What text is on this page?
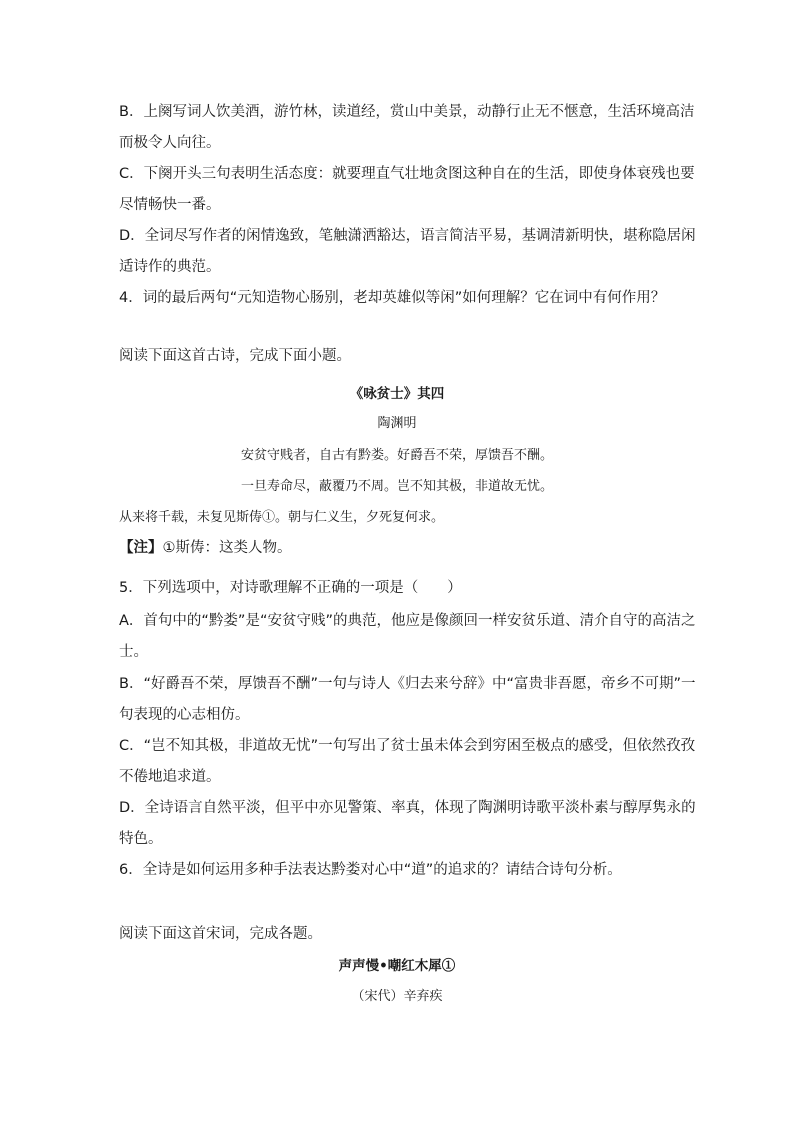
B．上阕写词人饮美酒，游竹林，读道经，赏山中美景，动静行止无不惬意，生活环境高洁
而极令人向往。
C．下阕开头三句表明生活态度：就要理直气壮地贪图这种自在的生活，即使身体衰残也要
尽情畅快一番。
D．全词尽写作者的闲情逸致，笔触潇洒豁达，语言简洁平易，基调清新明快，堪称隐居闲
适诗作的典范。
4．词的最后两句“元知造物心肠别，老却英雄似等闲”如何理解？它在词中有何作用？
阅读下面这首古诗，完成下面小题。
《咏贫士》其四
陶渊明
安贫守贱者，自古有黔娄。好爵吾不荣，厚馈吾不酬。
一旦寿命尽，蔽覆乃不周。岂不知其极，非道故无忧。
从来将千载，未复见斯俦①。朝与仁义生，夕死复何求。
【注】①斯俦：这类人物。
5．下列选项中，对诗歌理解不正确的一项是（　　）
A．首句中的“黔娄”是“安贫守贱”的典范，他应是像颜回一样安贫乐道、清介自守的高洁之
士。
B．“好爵吾不荣，厚馈吾不酬”一句与诗人《归去来兮辞》中“富贵非吾愿，帝乡不可期”一
句表现的心志相仿。
C．“岂不知其极，非道故无忧”一句写出了贫士虽未体会到穷困至极点的感受，但依然孜孜
不倦地追求道。
D．全诗语言自然平淡，但平中亦见警策、率真，体现了陶渊明诗歌平淡朴素与醇厚隽永的
特色。
6．全诗是如何运用多种手法表达黔娄对心中“道”的追求的？请结合诗句分析。
阅读下面这首宋词，完成各题。
声声慢•嘲红木犀①
（宋代）辛弃疾
